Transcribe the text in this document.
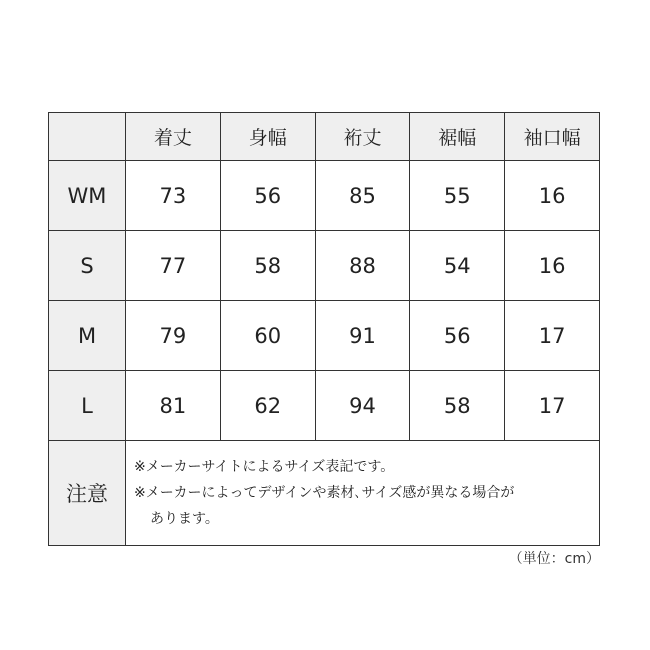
	着丈	身幅	裄丈	裾幅	袖口幅
WM	73	56	85	55	16
S	77	58	88	54	16
M	79	60	91	56	17
L	81	62	94	58	17
注意	※メーカーサイトによるサイズ表記です。
※メーカーによってデザインや素材､サイズ感が異なる場合が
あります。				
（単位：cm）
